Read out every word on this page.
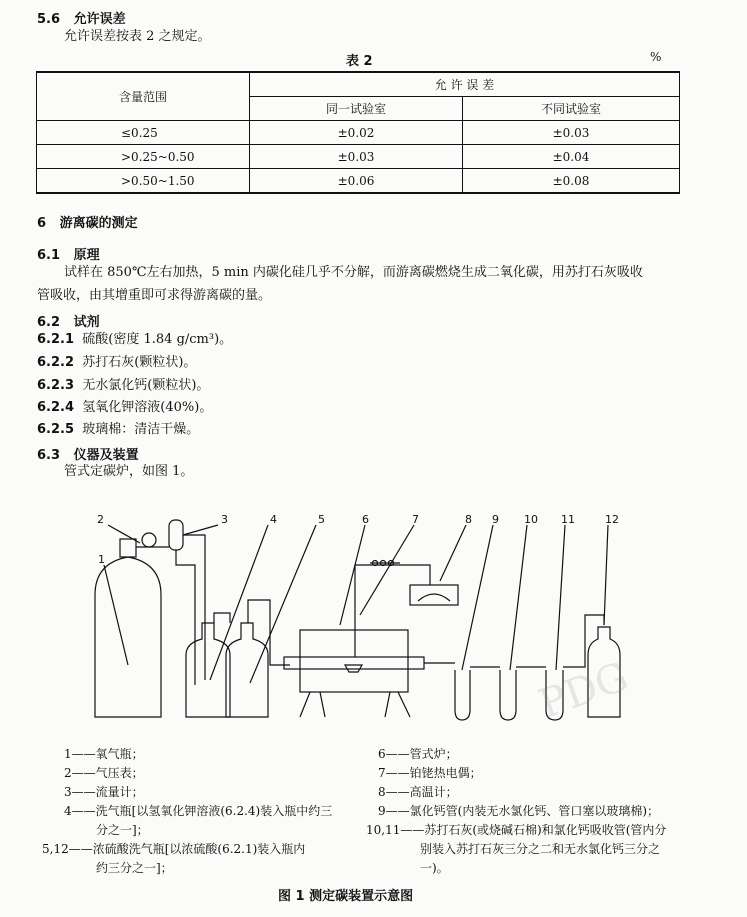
5.6 允许误差
允许误差按表 2 之规定。
表 2	%
含量范围	允 许 误 差	
	同一试验室	不同试验室
≤0.25	±0.02	±0.03
>0.25~0.50	±0.03	±0.04
>0.50~1.50	±0.06	±0.08
6 游离碳的测定
6.1 原理
试样在 850℃左右加热，5 min 内碳化硅几乎不分解，而游离碳燃烧生成二氧化碳，用苏打石灰吸收
管吸收，由其增重即可求得游离碳的量。
6.2 试剂
6.2.1 硫酸(密度 1.84 g/cm³)。
6.2.2 苏打石灰(颗粒状)。
6.2.3 无水氯化钙(颗粒状)。
6.2.4 氢氧化钾溶液(40%)。
6.2.5 玻璃棉：清洁干燥。
6.3 仪器及装置
管式定碳炉，如图 1。
2	3	4	5	6	7	8 9 10 11	12
1
1——氧气瓶；
2——气压表；
3——流量计；
4——洗气瓶[以氢氧化钾溶液(6.2.4)装入瓶中约三
分之一]；
5,12——浓硫酸洗气瓶[以浓硫酸(6.2.1)装入瓶内
约三分之一]；
6——管式炉；
7——铂铑热电偶；
8——高温计；
9——氯化钙管(内装无水氯化钙、管口塞以玻璃棉)；
10,11——苏打石灰(或烧碱石棉)和氯化钙吸收管(管内分
别装入苏打石灰三分之二和无水氯化钙三分之
一)。
图 1 测定碳装置示意图
PDG
